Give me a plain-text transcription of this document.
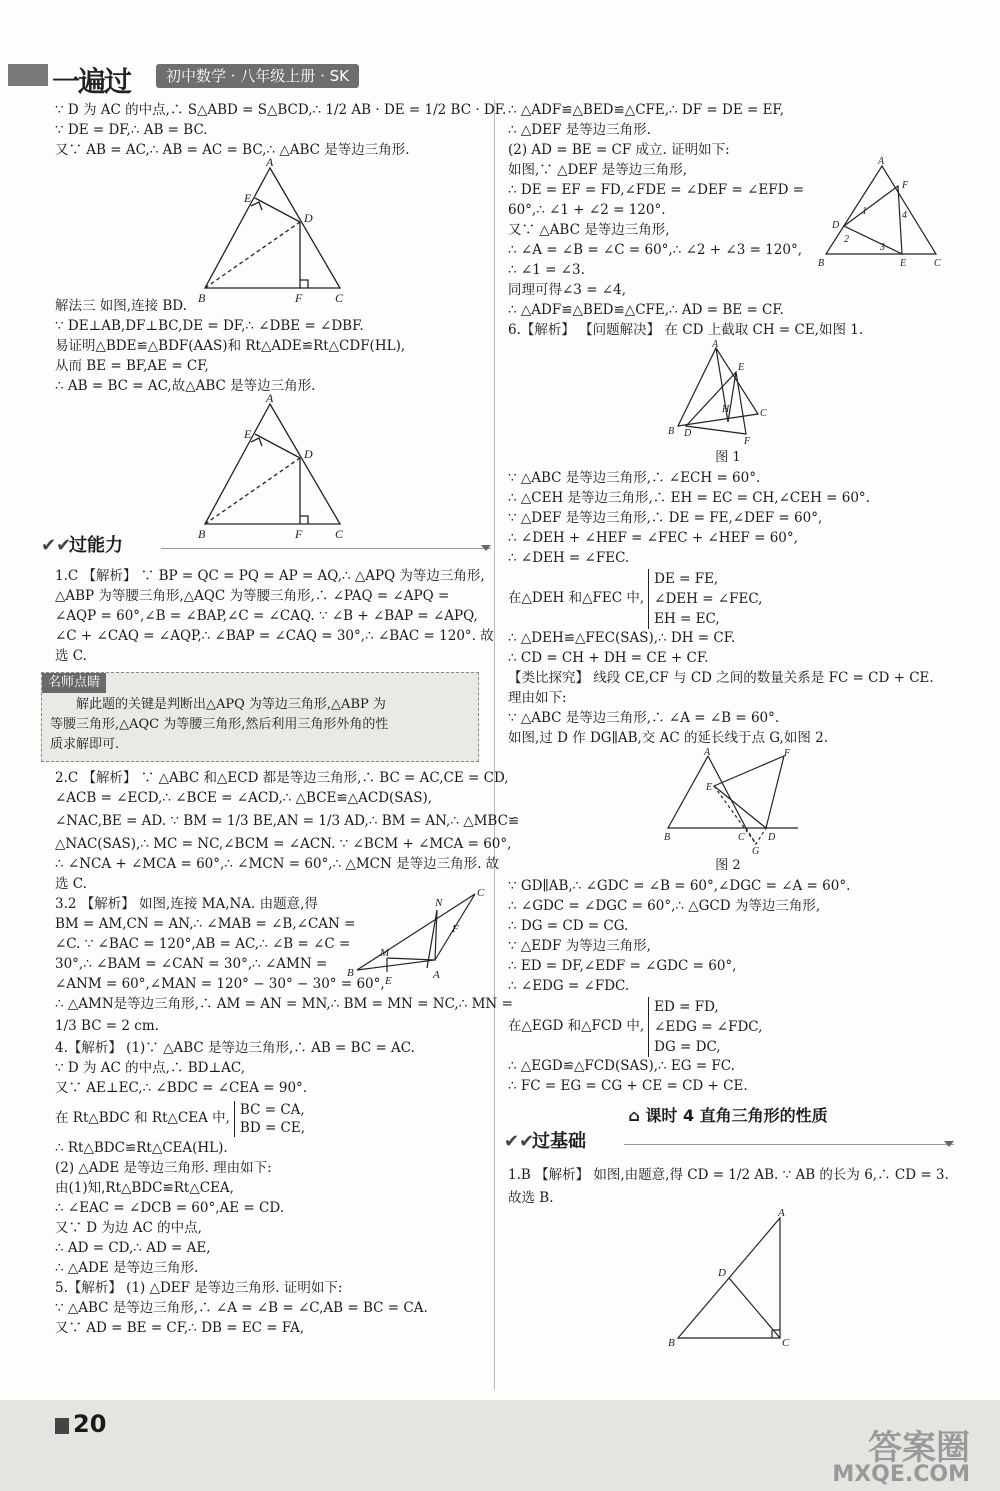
一遍过	初中数学 · 八年级上册 · SK
∵ D 为 AC 的中点,∴ S△ABD = S△BCD,∴ 1/2 AB · DE = 1/2 BC · DF.
∵ DE = DF,∴ AB = BC.
又∵ AB = AC,∴ AB = AC = BC,∴ △ABC 是等边三角形.
A
E
D
B	F	C
解法三 如图,连接 BD.
∵ DE⊥AB,DF⊥BC,DE = DF,∴ ∠DBE = ∠DBF.
易证明△BDE≌△BDF(AAS)和 Rt△ADE≌Rt△CDF(HL),
从而 BE = BF,AE = CF,
∴ AB = BC = AC,故△ABC 是等边三角形.
A
E
D
B	F	C
✔✔过能力
1.C 【解析】 ∵ BP = QC = PQ = AP = AQ,∴ △APQ 为等边三角形,
△ABP 为等腰三角形,△AQC 为等腰三角形,∴ ∠PAQ = ∠APQ =
∠AQP = 60°,∠B = ∠BAP,∠C = ∠CAQ. ∵ ∠B + ∠BAP = ∠APQ,
∠C + ∠CAQ = ∠AQP,∴ ∠BAP = ∠CAQ = 30°,∴ ∠BAC = 120°. 故
选 C.
名师点睛
解此题的关键是判断出△APQ 为等边三角形,△ABP 为
等腰三角形,△AQC 为等腰三角形,然后利用三角形外角的性
质求解即可.
2.C 【解析】 ∵ △ABC 和△ECD 都是等边三角形,∴ BC = AC,CE = CD,
∠ACB = ∠ECD,∴ ∠BCE = ∠ACD,∴ △BCE≌△ACD(SAS),
∠NAC,BE = AD. ∵ BM = 1/3 BE,AN = 1/3 AD,∴ BM = AN,∴ △MBC≌
△NAC(SAS),∴ MC = NC,∠BCM = ∠ACN. ∵ ∠BCM + ∠MCA = 60°,
∴ ∠NCA + ∠MCA = 60°,∴ ∠MCN = 60°,∴ △MCN 是等边三角形. 故
选 C.
3.2 【解析】 如图,连接 MA,NA. 由题意,得
BM = AM,CN = AN,∴ ∠MAB = ∠B,∠CAN =
∠C. ∵ ∠BAC = 120°,AB = AC,∴ ∠B = ∠C =
30°,∴ ∠BAM = ∠CAN = 30°,∴ ∠AMN =
∠ANM = 60°,∠MAN = 120° − 30° − 30° = 60°,
∴ △AMN是等边三角形,∴ AM = AN = MN,∴ BM = MN = NC,∴ MN =
1/3 BC = 2 cm.
B
M
N
C
A
E
F
4.【解析】 (1)∵ △ABC 是等边三角形,∴ AB = BC = AC.
∵ D 为 AC 的中点,∴ BD⊥AC,
又∵ AE⊥EC,∴ ∠BDC = ∠CEA = 90°.
在 Rt△BDC 和 Rt△CEA 中,BC = CA,
BD = CE,
∴ Rt△BDC≌Rt△CEA(HL).
(2) △ADE 是等边三角形. 理由如下:
由(1)知,Rt△BDC≌Rt△CEA,
∴ ∠EAC = ∠DCB = 60°,AE = CD.
又∵ D 为边 AC 的中点,
∴ AD = CD,∴ AD = AE,
∴ △ADE 是等边三角形.
5.【解析】 (1) △DEF 是等边三角形. 证明如下:
∵ △ABC 是等边三角形,∴ ∠A = ∠B = ∠C,AB = BC = CA.
又∵ AD = BE = CF,∴ DB = EC = FA,
∴ △ADF≌△BED≌△CFE,∴ DF = DE = EF,
∴ △DEF 是等边三角形.
(2) AD = BE = CF 成立. 证明如下:
如图,∵ △DEF 是等边三角形,
∴ DE = EF = FD,∠FDE = ∠DEF = ∠EFD =
60°,∴ ∠1 + ∠2 = 120°.
又∵ △ABC 是等边三角形,
∴ ∠A = ∠B = ∠C = 60°,∴ ∠2 + ∠3 = 120°,
∴ ∠1 = ∠3.
A
B	C
D
E
F
1
2
3
4
同理可得∠3 = ∠4,
∴ △ADF≌△BED≌△CFE,∴ AD = BE = CF.
6.【解析】 【问题解决】 在 CD 上截取 CH = CE,如图 1.
A
B D
C
E
H
F
图 1
∵ △ABC 是等边三角形,∴ ∠ECH = 60°.
∴ △CEH 是等边三角形,∴ EH = EC = CH,∠CEH = 60°.
∵ △DEF 是等边三角形,∴ DE = FE,∠DEF = 60°,
∴ ∠DEH + ∠HEF = ∠FEC + ∠HEF = 60°,
∴ ∠DEH = ∠FEC.
在△DEH 和△FEC 中,DE = FE,
∠DEH = ∠FEC,
EH = EC,
∴ △DEH≌△FEC(SAS),∴ DH = CF.
∴ CD = CH + DH = CE + CF.
【类比探究】 线段 CE,CF 与 CD 之间的数量关系是 FC = CD + CE.
理由如下:
∵ △ABC 是等边三角形,∴ ∠A = ∠B = 60°.
如图,过 D 作 DG∥AB,交 AC 的延长线于点 G,如图 2.
A
B	C D
E
F
G
图 2
∵ GD∥AB,∴ ∠GDC = ∠B = 60°,∠DGC = ∠A = 60°.
∴ ∠GDC = ∠DGC = 60°,∴ △GCD 为等边三角形,
∴ DG = CD = CG.
∵ △EDF 为等边三角形,
∴ ED = DF,∠EDF = ∠GDC = 60°,
∴ ∠EDG = ∠FDC.
在△EGD 和△FCD 中,ED = FD,
∠EDG = ∠FDC,
DG = DC,
∴ △EGD≌△FCD(SAS),∴ EG = FC.
∴ FC = EG = CG + CE = CD + CE.
⌂ 课时 4 直角三角形的性质
✔✔过基础
1.B 【解析】 如图,由题意,得 CD = 1/2 AB. ∵ AB 的长为 6,∴ CD = 3.
故选 B.
A
B	C
D
20
答案圈
MXQE.COM
